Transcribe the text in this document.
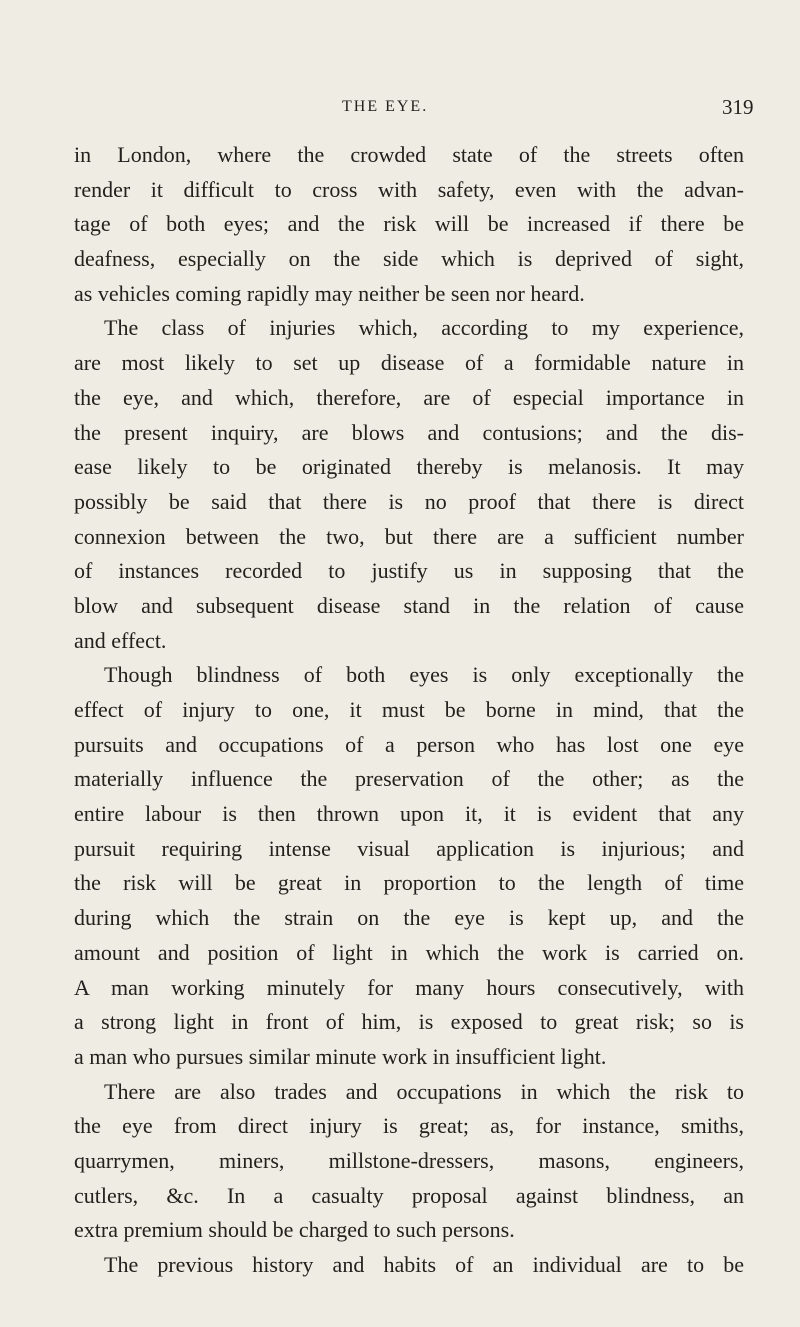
THE EYE.	319
in London, where the crowded state of the streets often
render it difficult to cross with safety, even with the advan-
tage of both eyes; and the risk will be increased if there be
deafness, especially on the side which is deprived of sight,
as vehicles coming rapidly may neither be seen nor heard.
The class of injuries which, according to my experience,
are most likely to set up disease of a formidable nature in
the eye, and which, therefore, are of especial importance in
the present inquiry, are blows and contusions; and the dis-
ease likely to be originated thereby is melanosis. It may
possibly be said that there is no proof that there is direct
connexion between the two, but there are a sufficient number
of instances recorded to justify us in supposing that the
blow and subsequent disease stand in the relation of cause
and effect.
Though blindness of both eyes is only exceptionally the
effect of injury to one, it must be borne in mind, that the
pursuits and occupations of a person who has lost one eye
materially influence the preservation of the other; as the
entire labour is then thrown upon it, it is evident that any
pursuit requiring intense visual application is injurious; and
the risk will be great in proportion to the length of time
during which the strain on the eye is kept up, and the
amount and position of light in which the work is carried on.
A man working minutely for many hours consecutively, with
a strong light in front of him, is exposed to great risk; so is
a man who pursues similar minute work in insufficient light.
There are also trades and occupations in which the risk to
the eye from direct injury is great; as, for instance, smiths,
quarrymen, miners, millstone-dressers, masons, engineers,
cutlers, &c. In a casualty proposal against blindness, an
extra premium should be charged to such persons.
The previous history and habits of an individual are to be
